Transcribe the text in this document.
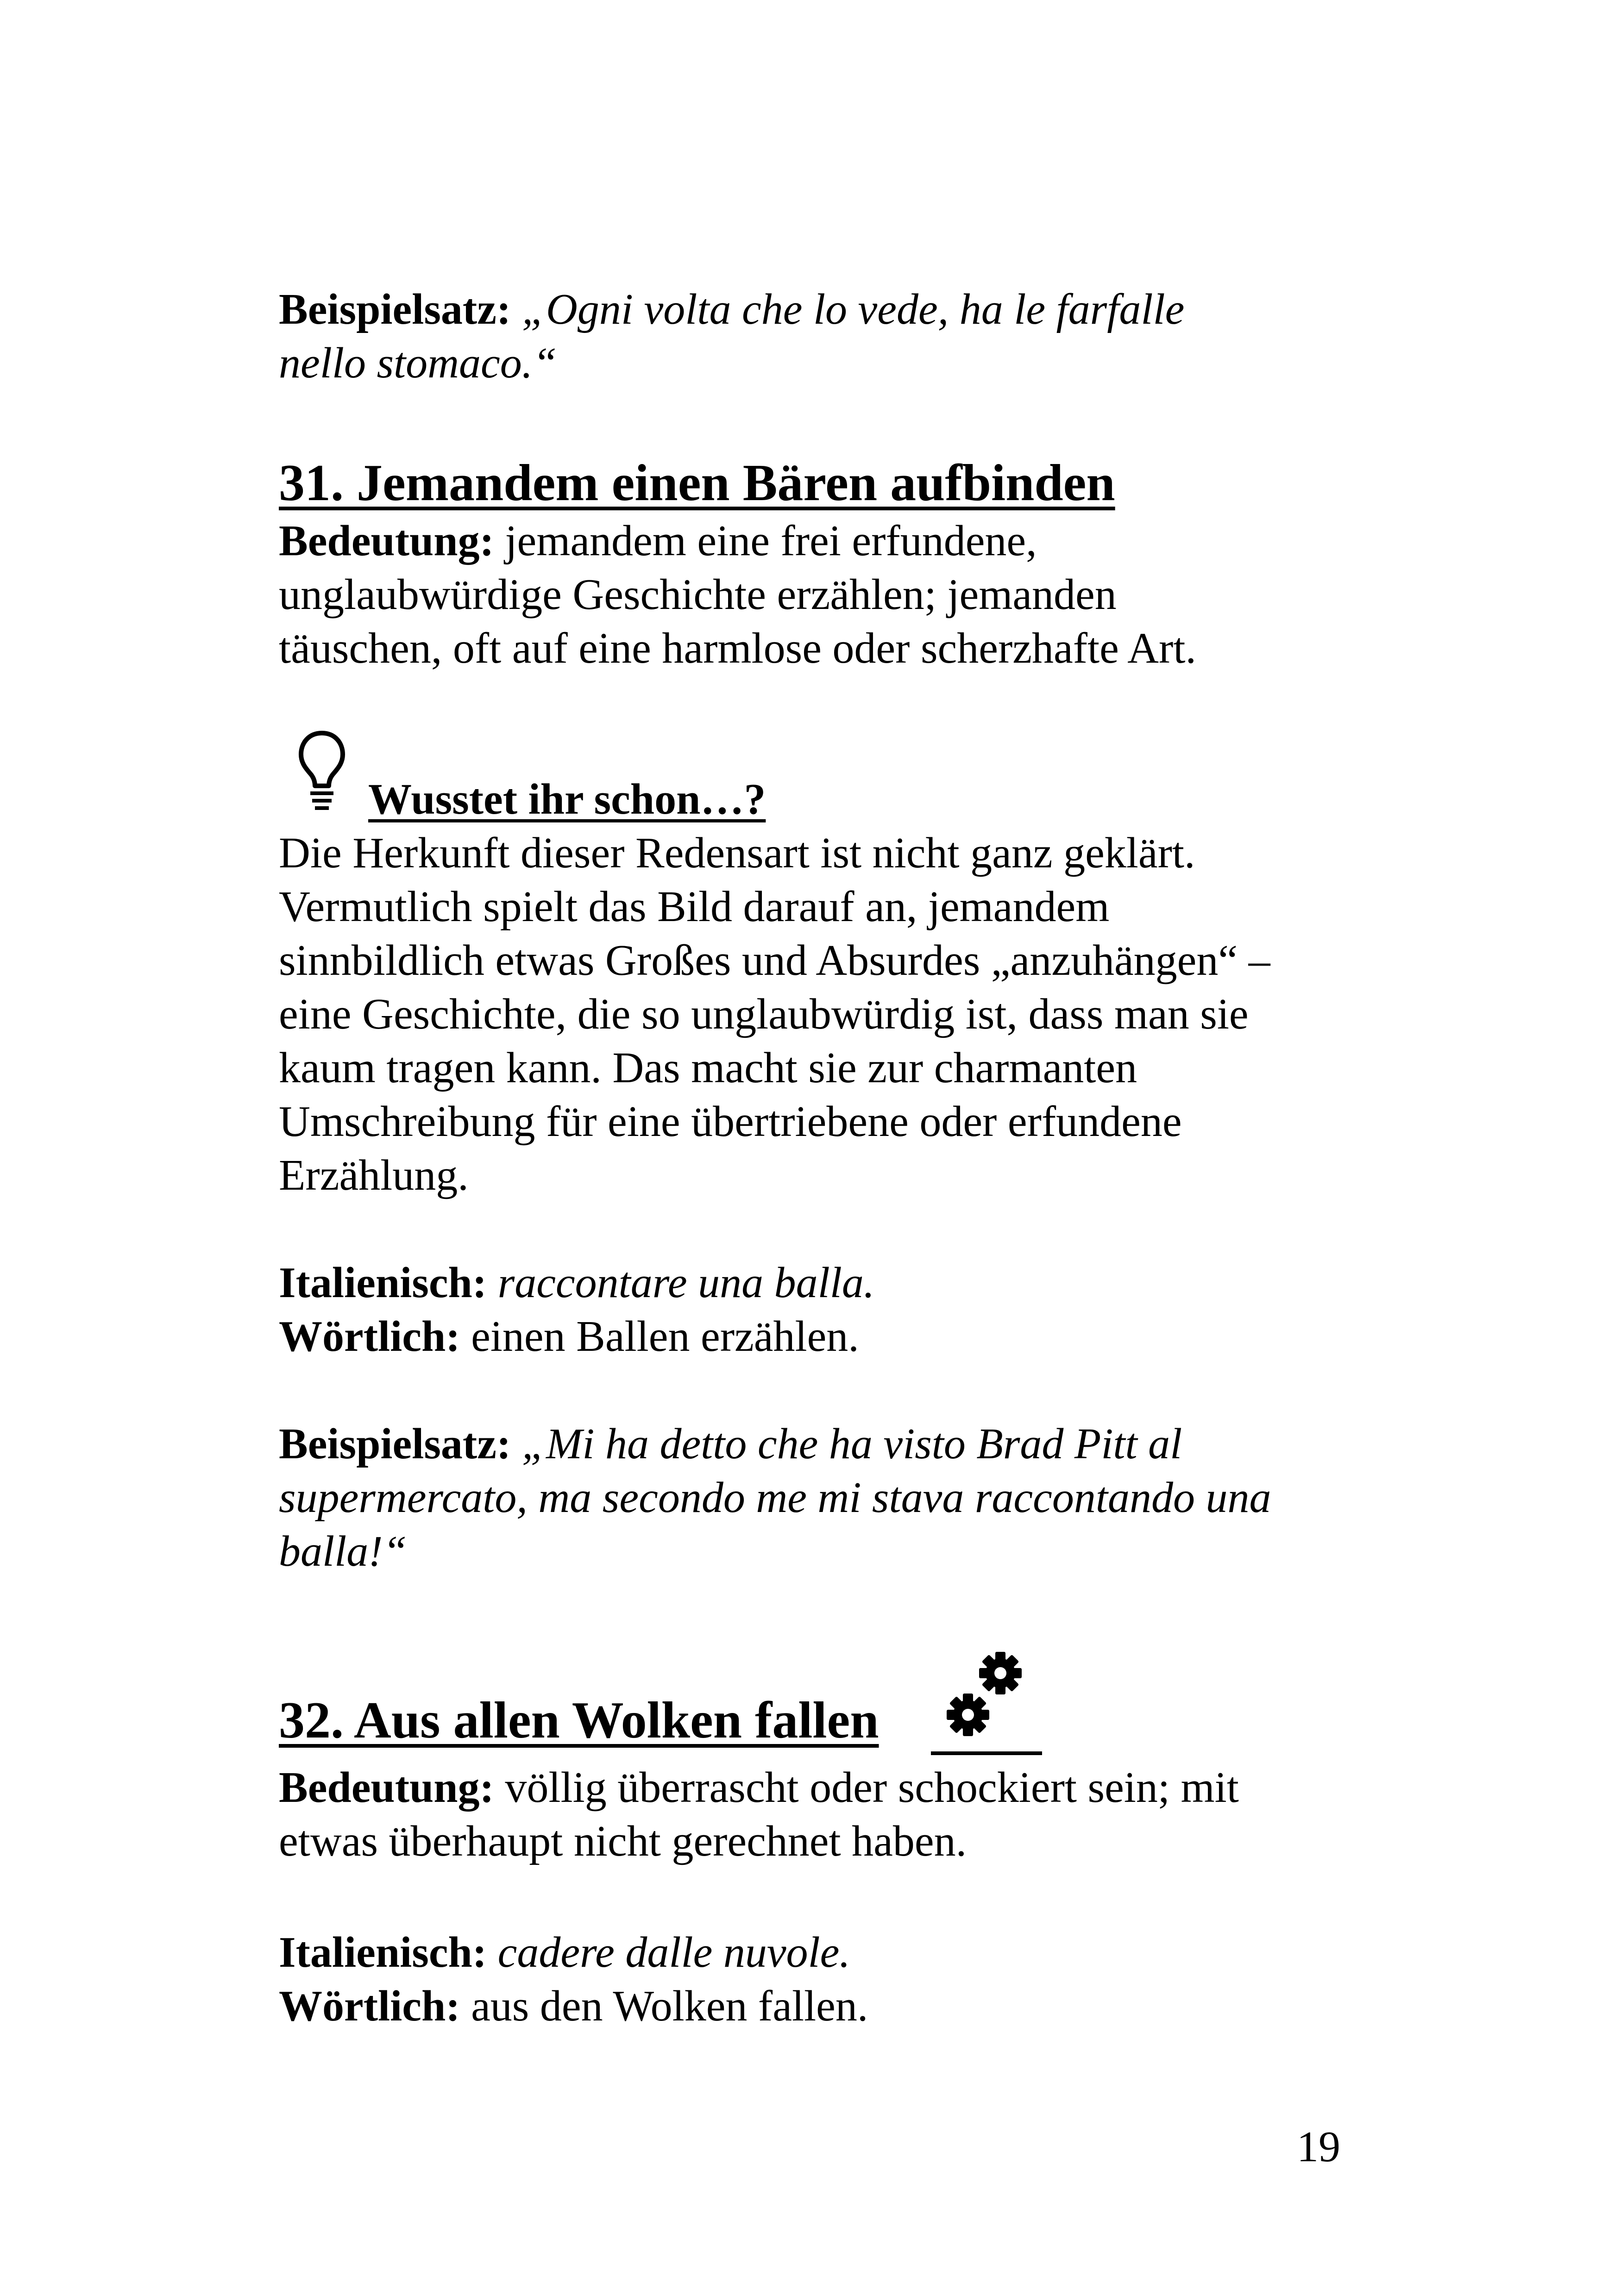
Beispielsatz: „Ogni volta che lo vede, ha le farfalle
nello stomaco.“
31. Jemandem einen Bären aufbinden
Bedeutung: jemandem eine frei erfundene,
unglaubwürdige Geschichte erzählen; jemanden
täuschen, oft auf eine harmlose oder scherzhafte Art.
Wusstet ihr schon…?
Die Herkunft dieser Redensart ist nicht ganz geklärt.
Vermutlich spielt das Bild darauf an, jemandem
sinnbildlich etwas Großes und Absurdes „anzuhängen“ –
eine Geschichte, die so unglaubwürdig ist, dass man sie
kaum tragen kann. Das macht sie zur charmanten
Umschreibung für eine übertriebene oder erfundene
Erzählung.
Italienisch: raccontare una balla.
Wörtlich: einen Ballen erzählen.
Beispielsatz: „Mi ha detto che ha visto Brad Pitt al
supermercato, ma secondo me mi stava raccontando una
balla!“
32. Aus allen Wolken fallen
Bedeutung: völlig überrascht oder schockiert sein; mit
etwas überhaupt nicht gerechnet haben.
Italienisch: cadere dalle nuvole.
Wörtlich: aus den Wolken fallen.
19
